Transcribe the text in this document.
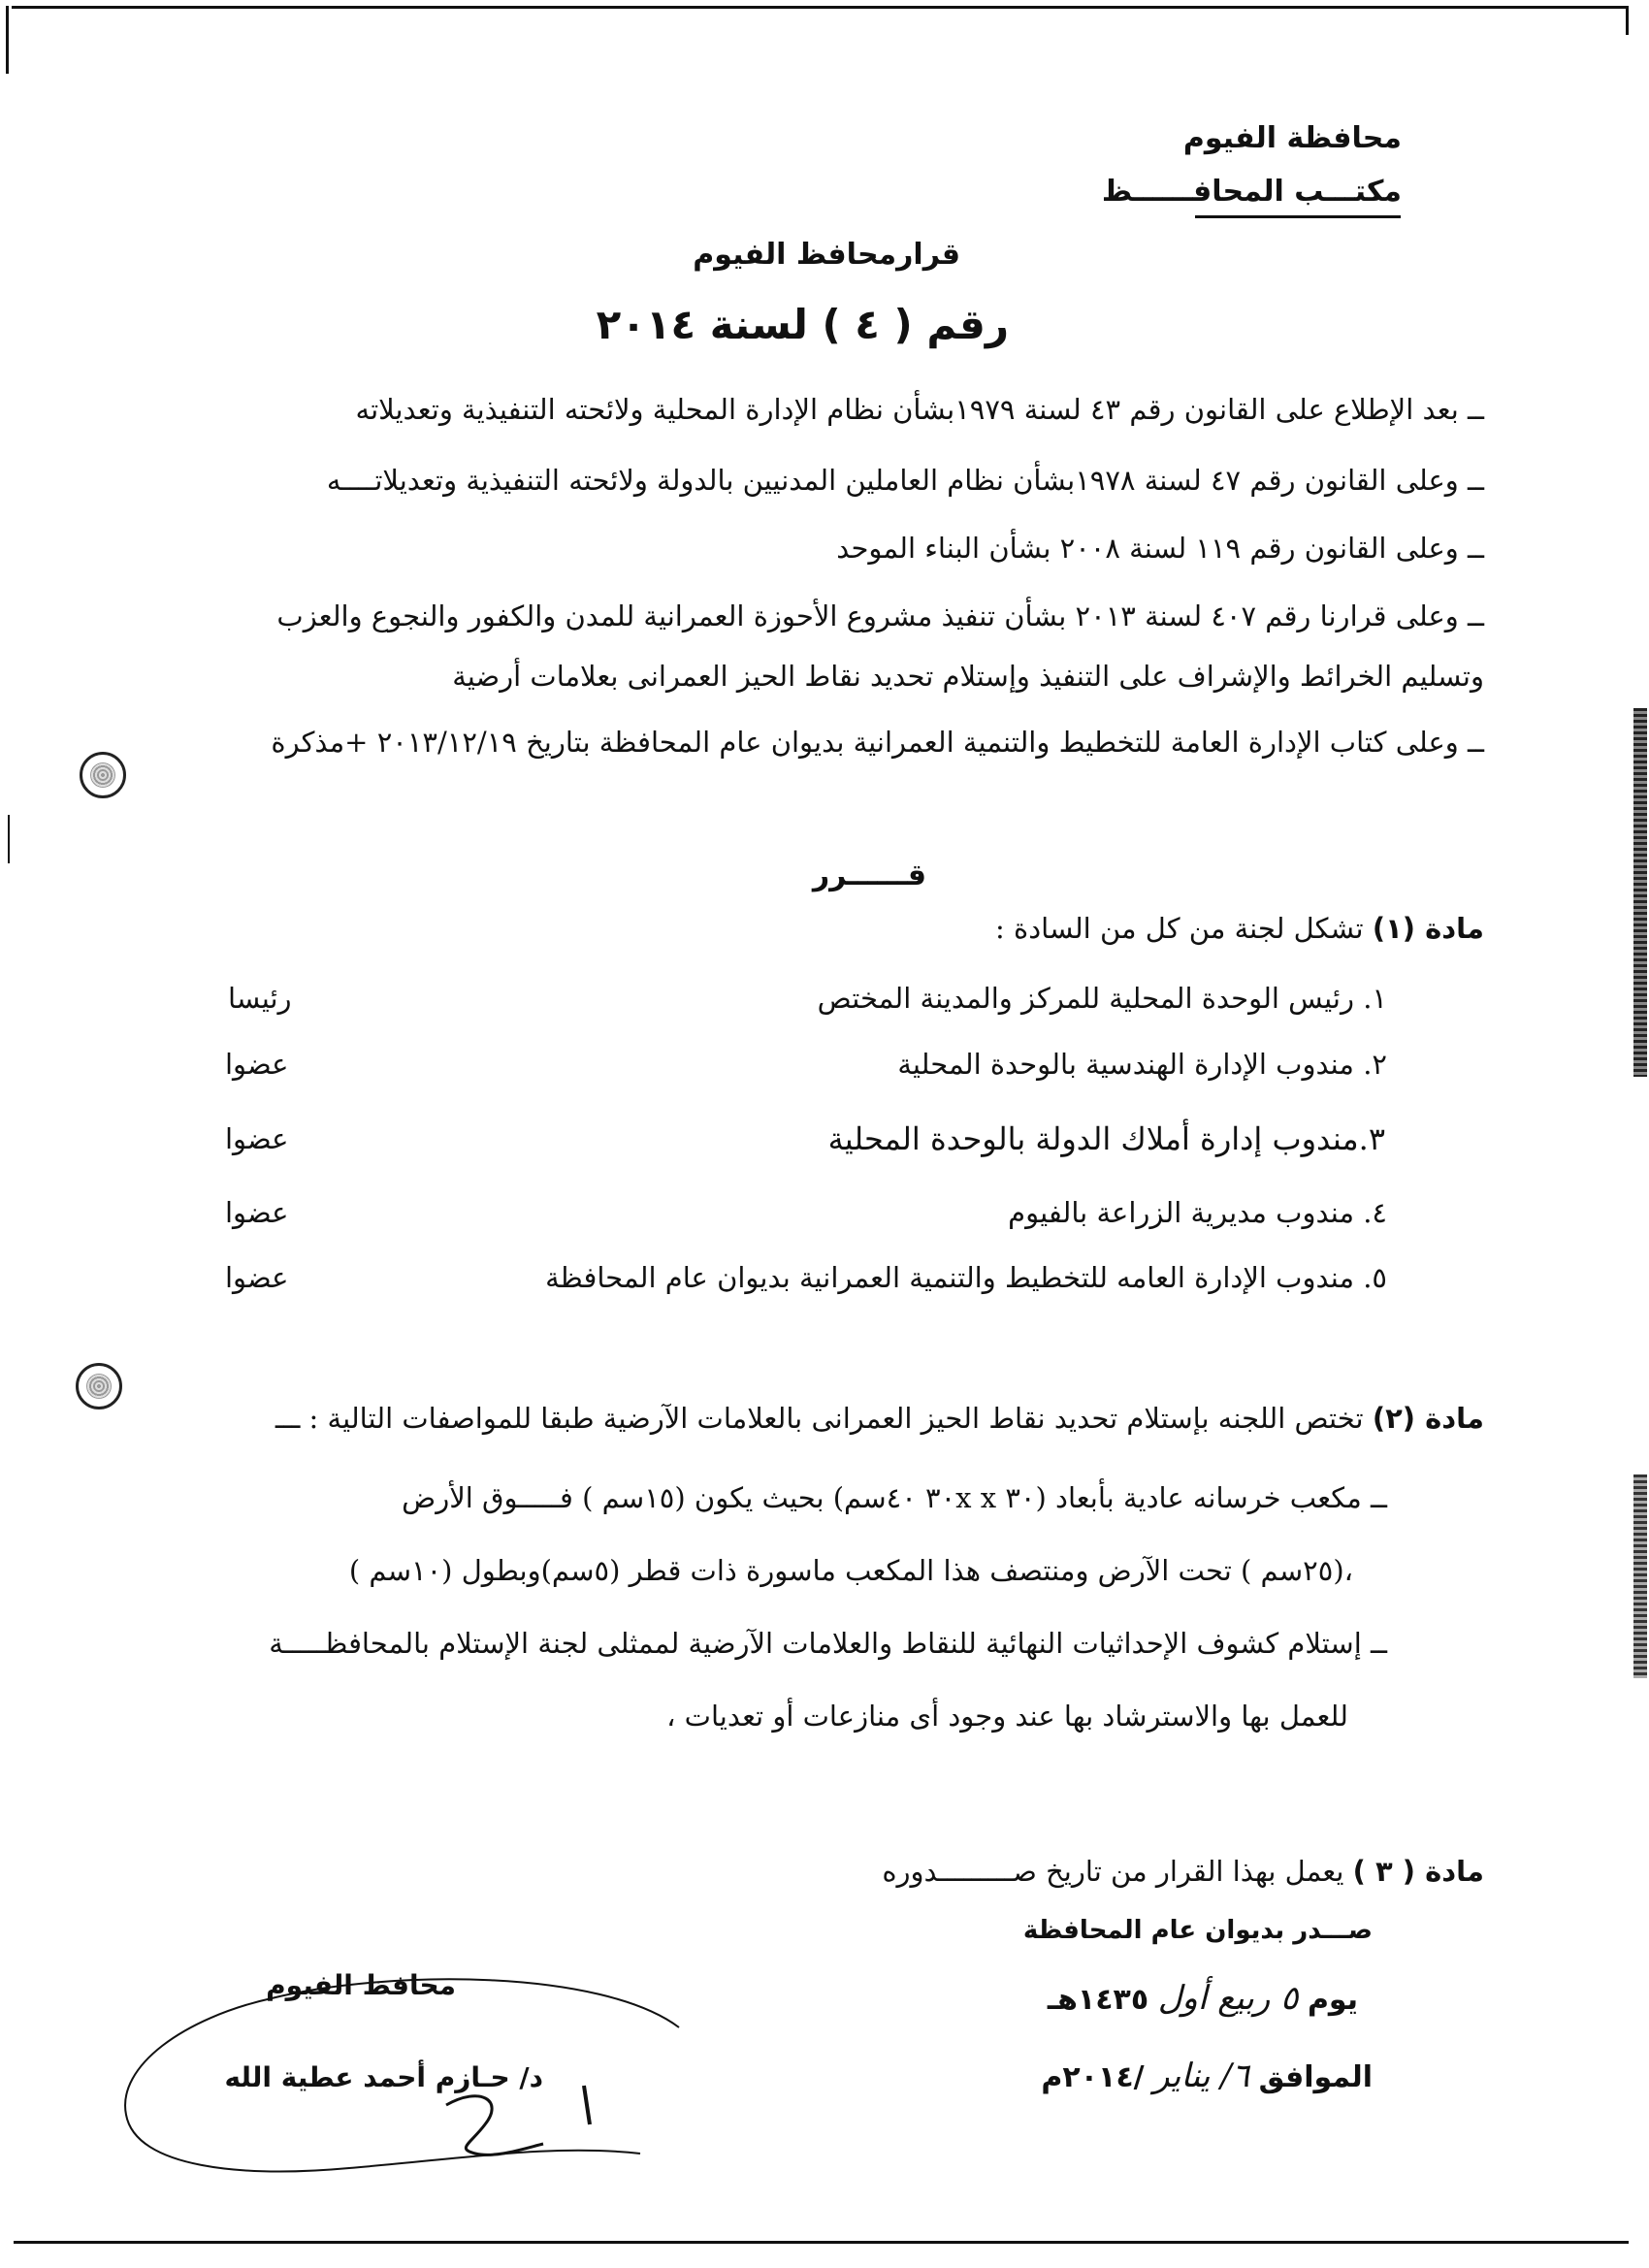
محافظة الفيوم
مكتـــب المحافــــــظ
قرارمحافظ الفيوم
رقم ( ٤ ) لسنة ٢٠١٤
ــ بعد الإطلاع على القانون رقم ٤٣ لسنة ١٩٧٩بشأن نظام الإدارة المحلية ولائحته التنفيذية وتعديلاته
ــ وعلى القانون رقم ٤٧ لسنة ١٩٧٨بشأن نظام العاملين المدنيين بالدولة ولائحته التنفيذية وتعديلاتــــه
ــ وعلى القانون رقم ١١٩ لسنة ٢٠٠٨ بشأن البناء الموحد
ــ وعلى قرارنا رقم ٤٠٧ لسنة ٢٠١٣ بشأن تنفيذ مشروع الأحوزة العمرانية للمدن والكفور والنجوع والعزب
وتسليم الخرائط والإشراف على التنفيذ وإستلام تحديد نقاط الحيز العمرانى بعلامات أرضية
ــ وعلى كتاب الإدارة العامة للتخطيط والتنمية العمرانية بديوان عام المحافظة بتاريخ ٢٠١٣/١٢/١٩ +مذكرة
قــــــرر
مادة (١) تشكل لجنة من كل من السادة :
١. رئيس الوحدة المحلية للمركز والمدينة المختص
رئيسا
٢. مندوب الإدارة الهندسية بالوحدة المحلية
عضوا
٣.مندوب إدارة أملاك الدولة بالوحدة المحلية
عضوا
٤. مندوب مديرية الزراعة بالفيوم
عضوا
٥. مندوب الإدارة العامه للتخطيط والتنمية العمرانية بديوان عام المحافظة
عضوا
مادة (٢) تختص اللجنه بإستلام تحديد نقاط الحيز العمرانى بالعلامات الآرضية طبقا للمواصفات التالية : ـــ
ــ مكعب خرسانه عادية بأبعاد (٣٠ x ٣٠x ٤٠سم) بحيث يكون (١٥سم ) فـــــوق الأرض
،(٢٥سم ) تحت الآرض ومنتصف هذا المكعب ماسورة ذات قطر (٥سم)وبطول (١٠سم )
ــ إستلام كشوف الإحداثيات النهائية للنقاط والعلامات الآرضية لممثلى لجنة الإستلام بالمحافظـــــة
للعمل بها والاسترشاد بها عند وجود أى منازعات أو تعديات ،
مادة ( ٣ ) يعمل بهذا القرار من تاريخ صـــــــــدوره
صـــدر بديوان عام المحافظة
يوم ٥ ربيع أول ١٤٣٥هـ
الموافق ٦/ يناير /٢٠١٤م
محافظ الفيوم
د/ حـازم أحمد عطية الله
